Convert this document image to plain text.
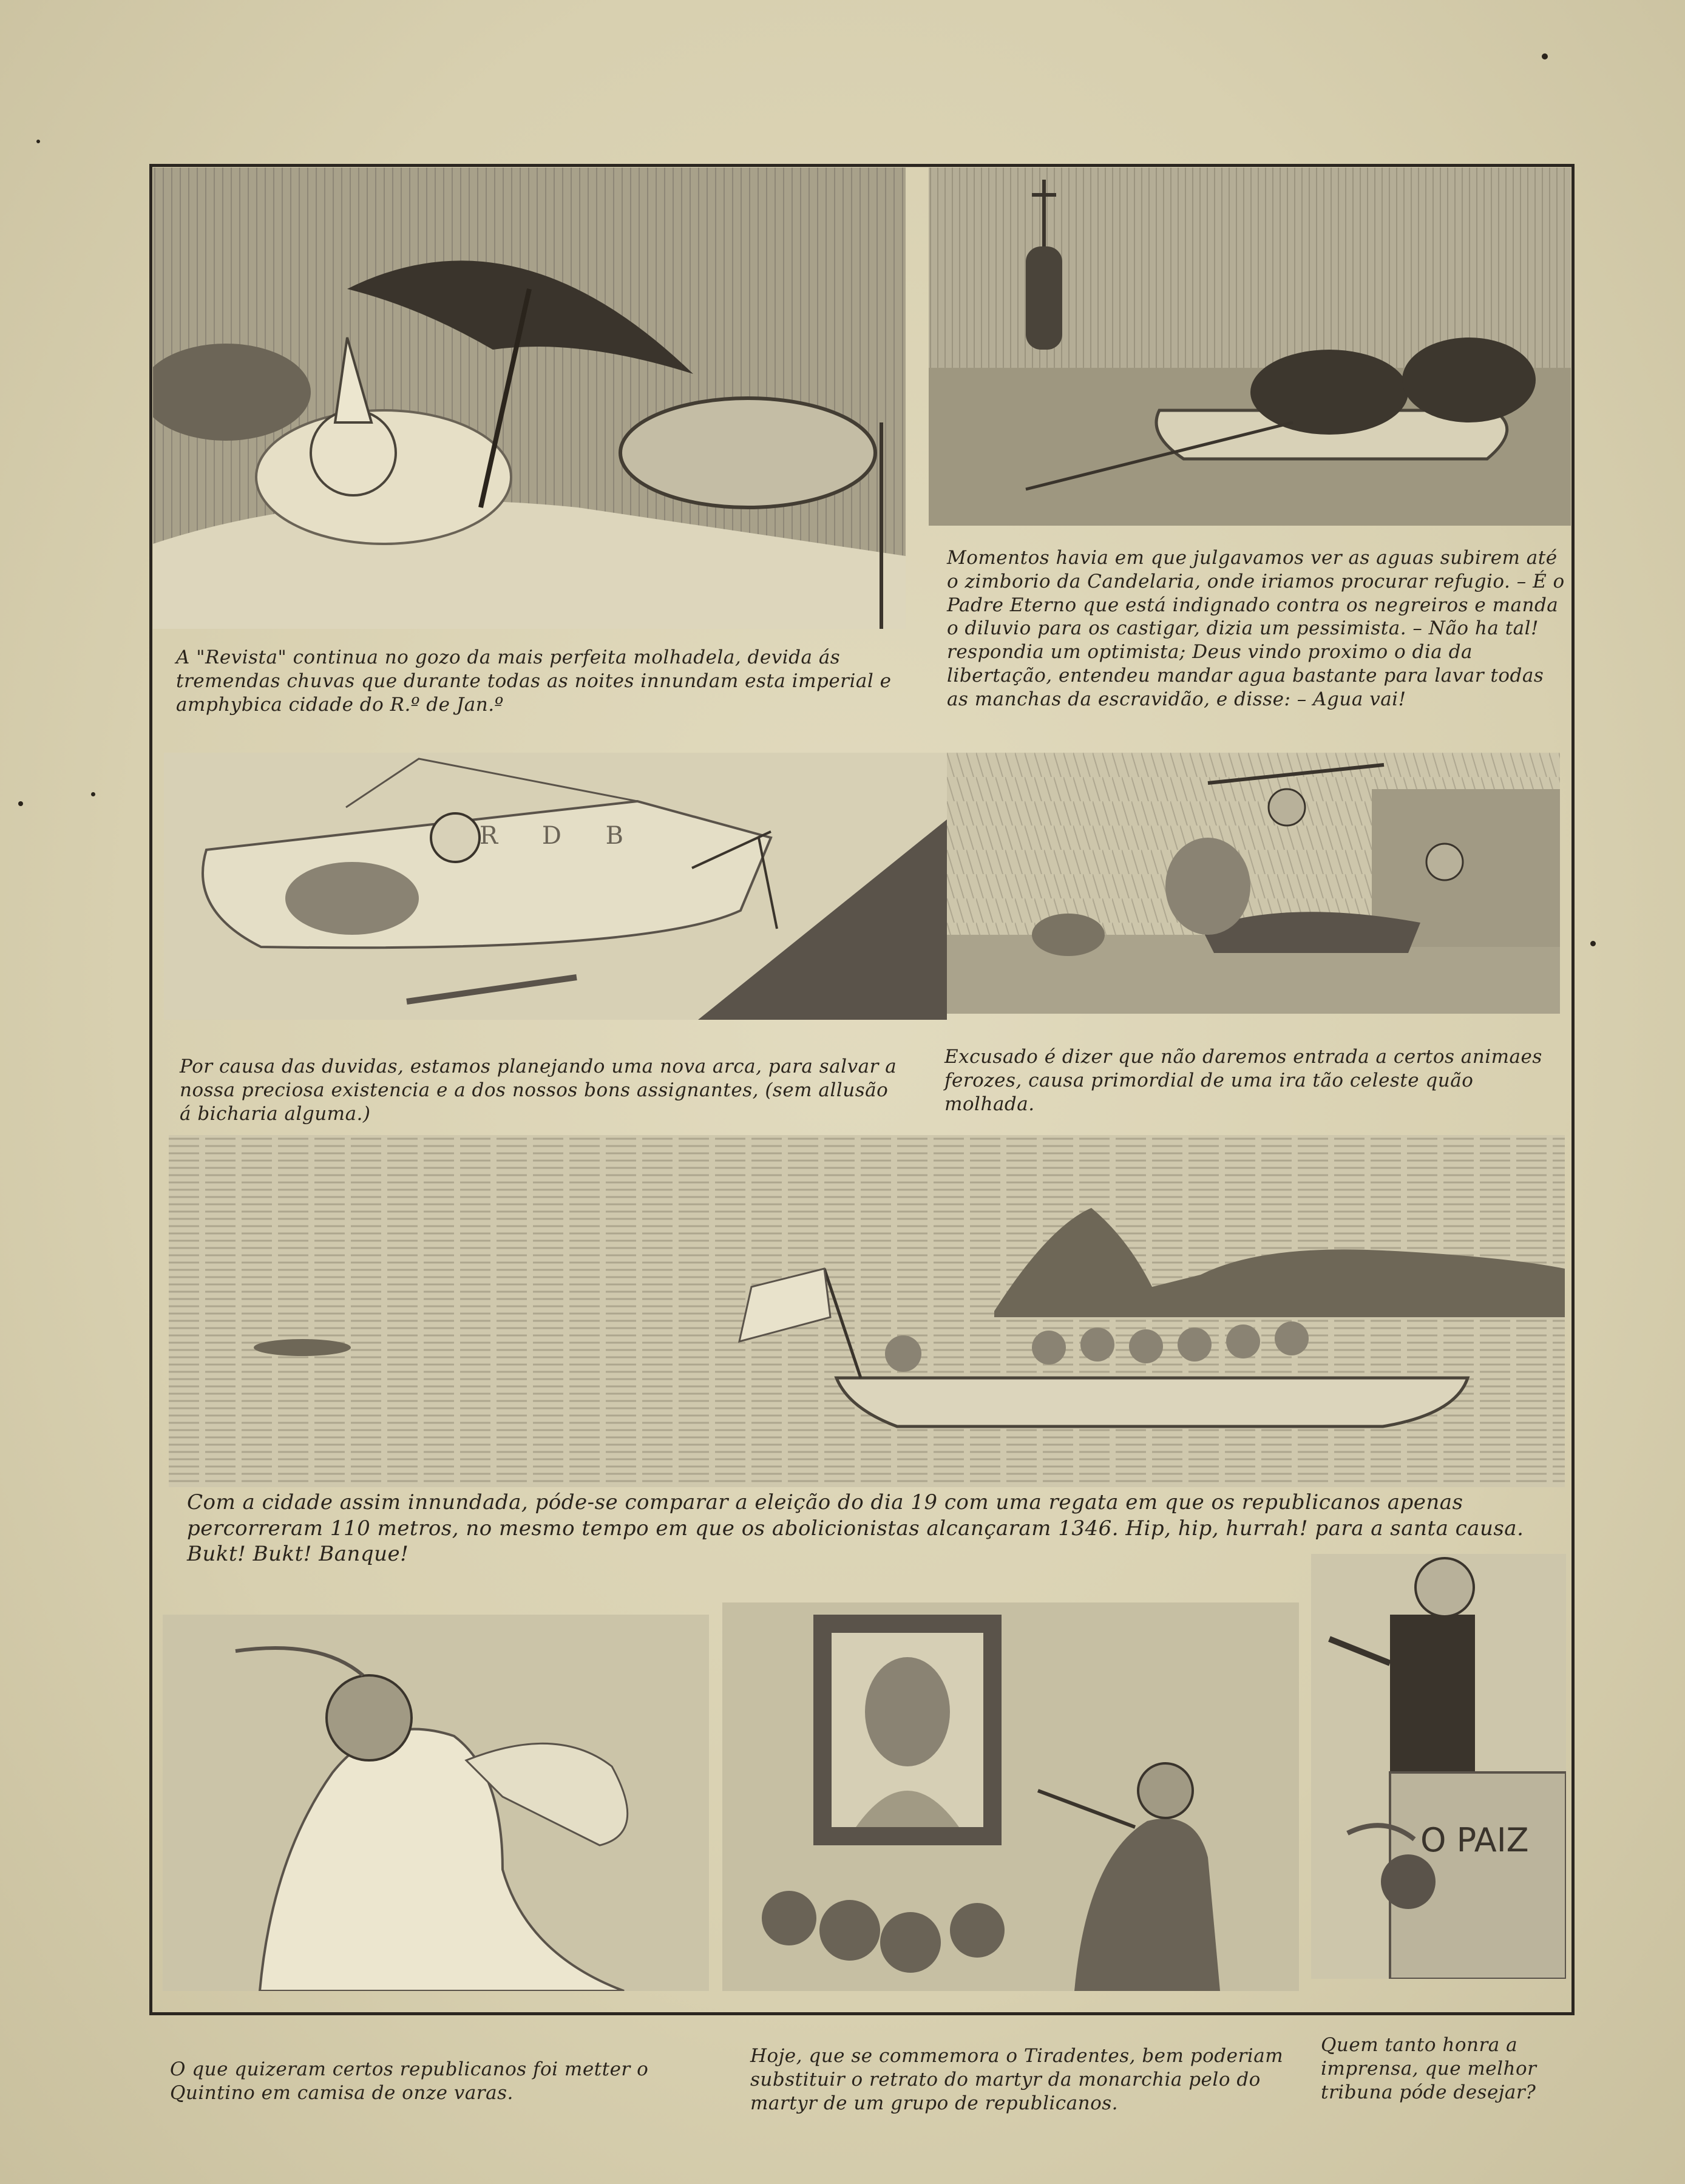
A "Revista" continua no gozo da mais perfeita molhadela, devida ás tremendas chuvas que durante todas as noites innundam esta imperial e amphybica cidade do R.º de Jan.º
Momentos havia em que julgavamos ver as aguas subirem até o zimborio da Candelaria, onde iriamos procurar refugio. – É o Padre Eterno que está indignado contra os negreiros e manda o diluvio para os castigar, dizia um pessimista. – Não ha tal! respondia um optimista; Deus vindo proximo o dia da libertação, entendeu mandar agua bastante para lavar todas as manchas da escravidão, e disse: – Agua vai!
R D B
Por causa das duvidas, estamos planejando uma nova arca, para salvar a nossa preciosa existencia e a dos nossos bons assignantes, (sem allusão á bicharia alguma.)
Excusado é dizer que não daremos entrada a certos animaes ferozes, causa primordial de uma ira tão celeste quão molhada.
Com a cidade assim innundada, póde-se comparar a eleição do dia 19 com uma regata em que os republicanos apenas percorreram 110 metros, no mesmo tempo em que os abolicionistas alcançaram 1346. Hip, hip, hurrah! para a santa causa. Bukt! Bukt! Banque!
O que quizeram certos republicanos foi metter o Quintino em camisa de onze varas.
Hoje, que se commemora o Tiradentes, bem poderiam substituir o retrato do martyr da monarchia pelo do martyr de um grupo de republicanos.
O PAIZ
Quem tanto honra a imprensa, que melhor tribuna póde desejar?
